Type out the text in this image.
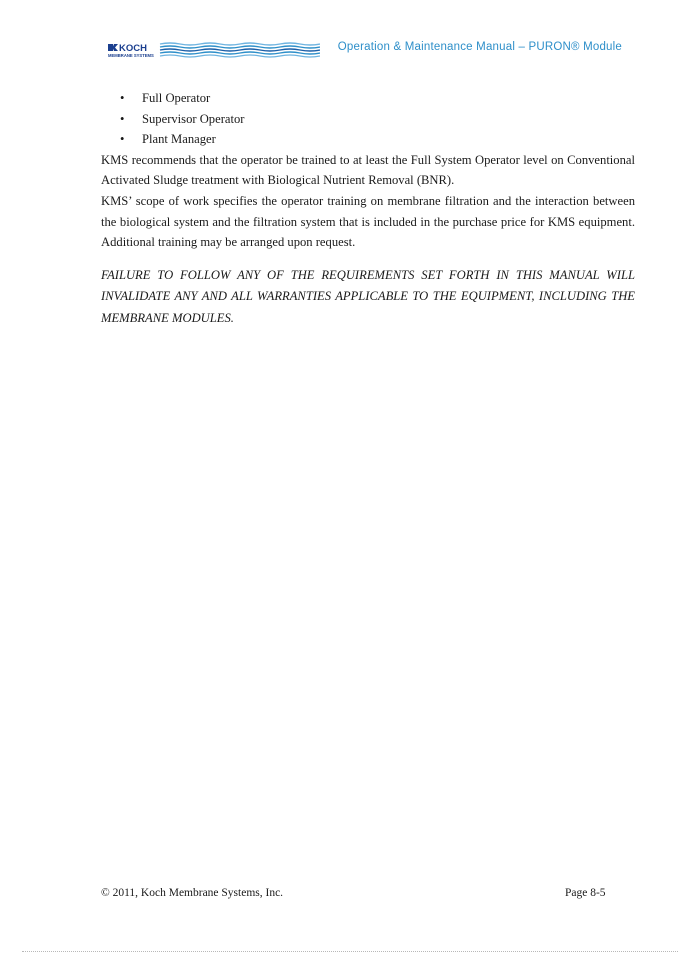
KOCH
MEMBRANE SYSTEMS
Operation & Maintenance Manual – PURON® Module
• Full Operator
• Supervisor Operator
• Plant Manager

KMS recommends that the operator be trained to at least the Full System Operator level on Conventional Activated Sludge treatment with Biological Nutrient Removal (BNR).

KMS’ scope of work specifies the operator training on membrane filtration and the interaction between the biological system and the filtration system that is included in the purchase price for KMS equipment. Additional training may be arranged upon request.

FAILURE TO FOLLOW ANY OF THE REQUIREMENTS SET FORTH IN THIS MANUAL WILL INVALIDATE ANY AND ALL WARRANTIES APPLICABLE TO THE EQUIPMENT, INCLUDING THE MEMBRANE MODULES.

© 2011, Koch Membrane Systems, Inc.	Page 8-5
